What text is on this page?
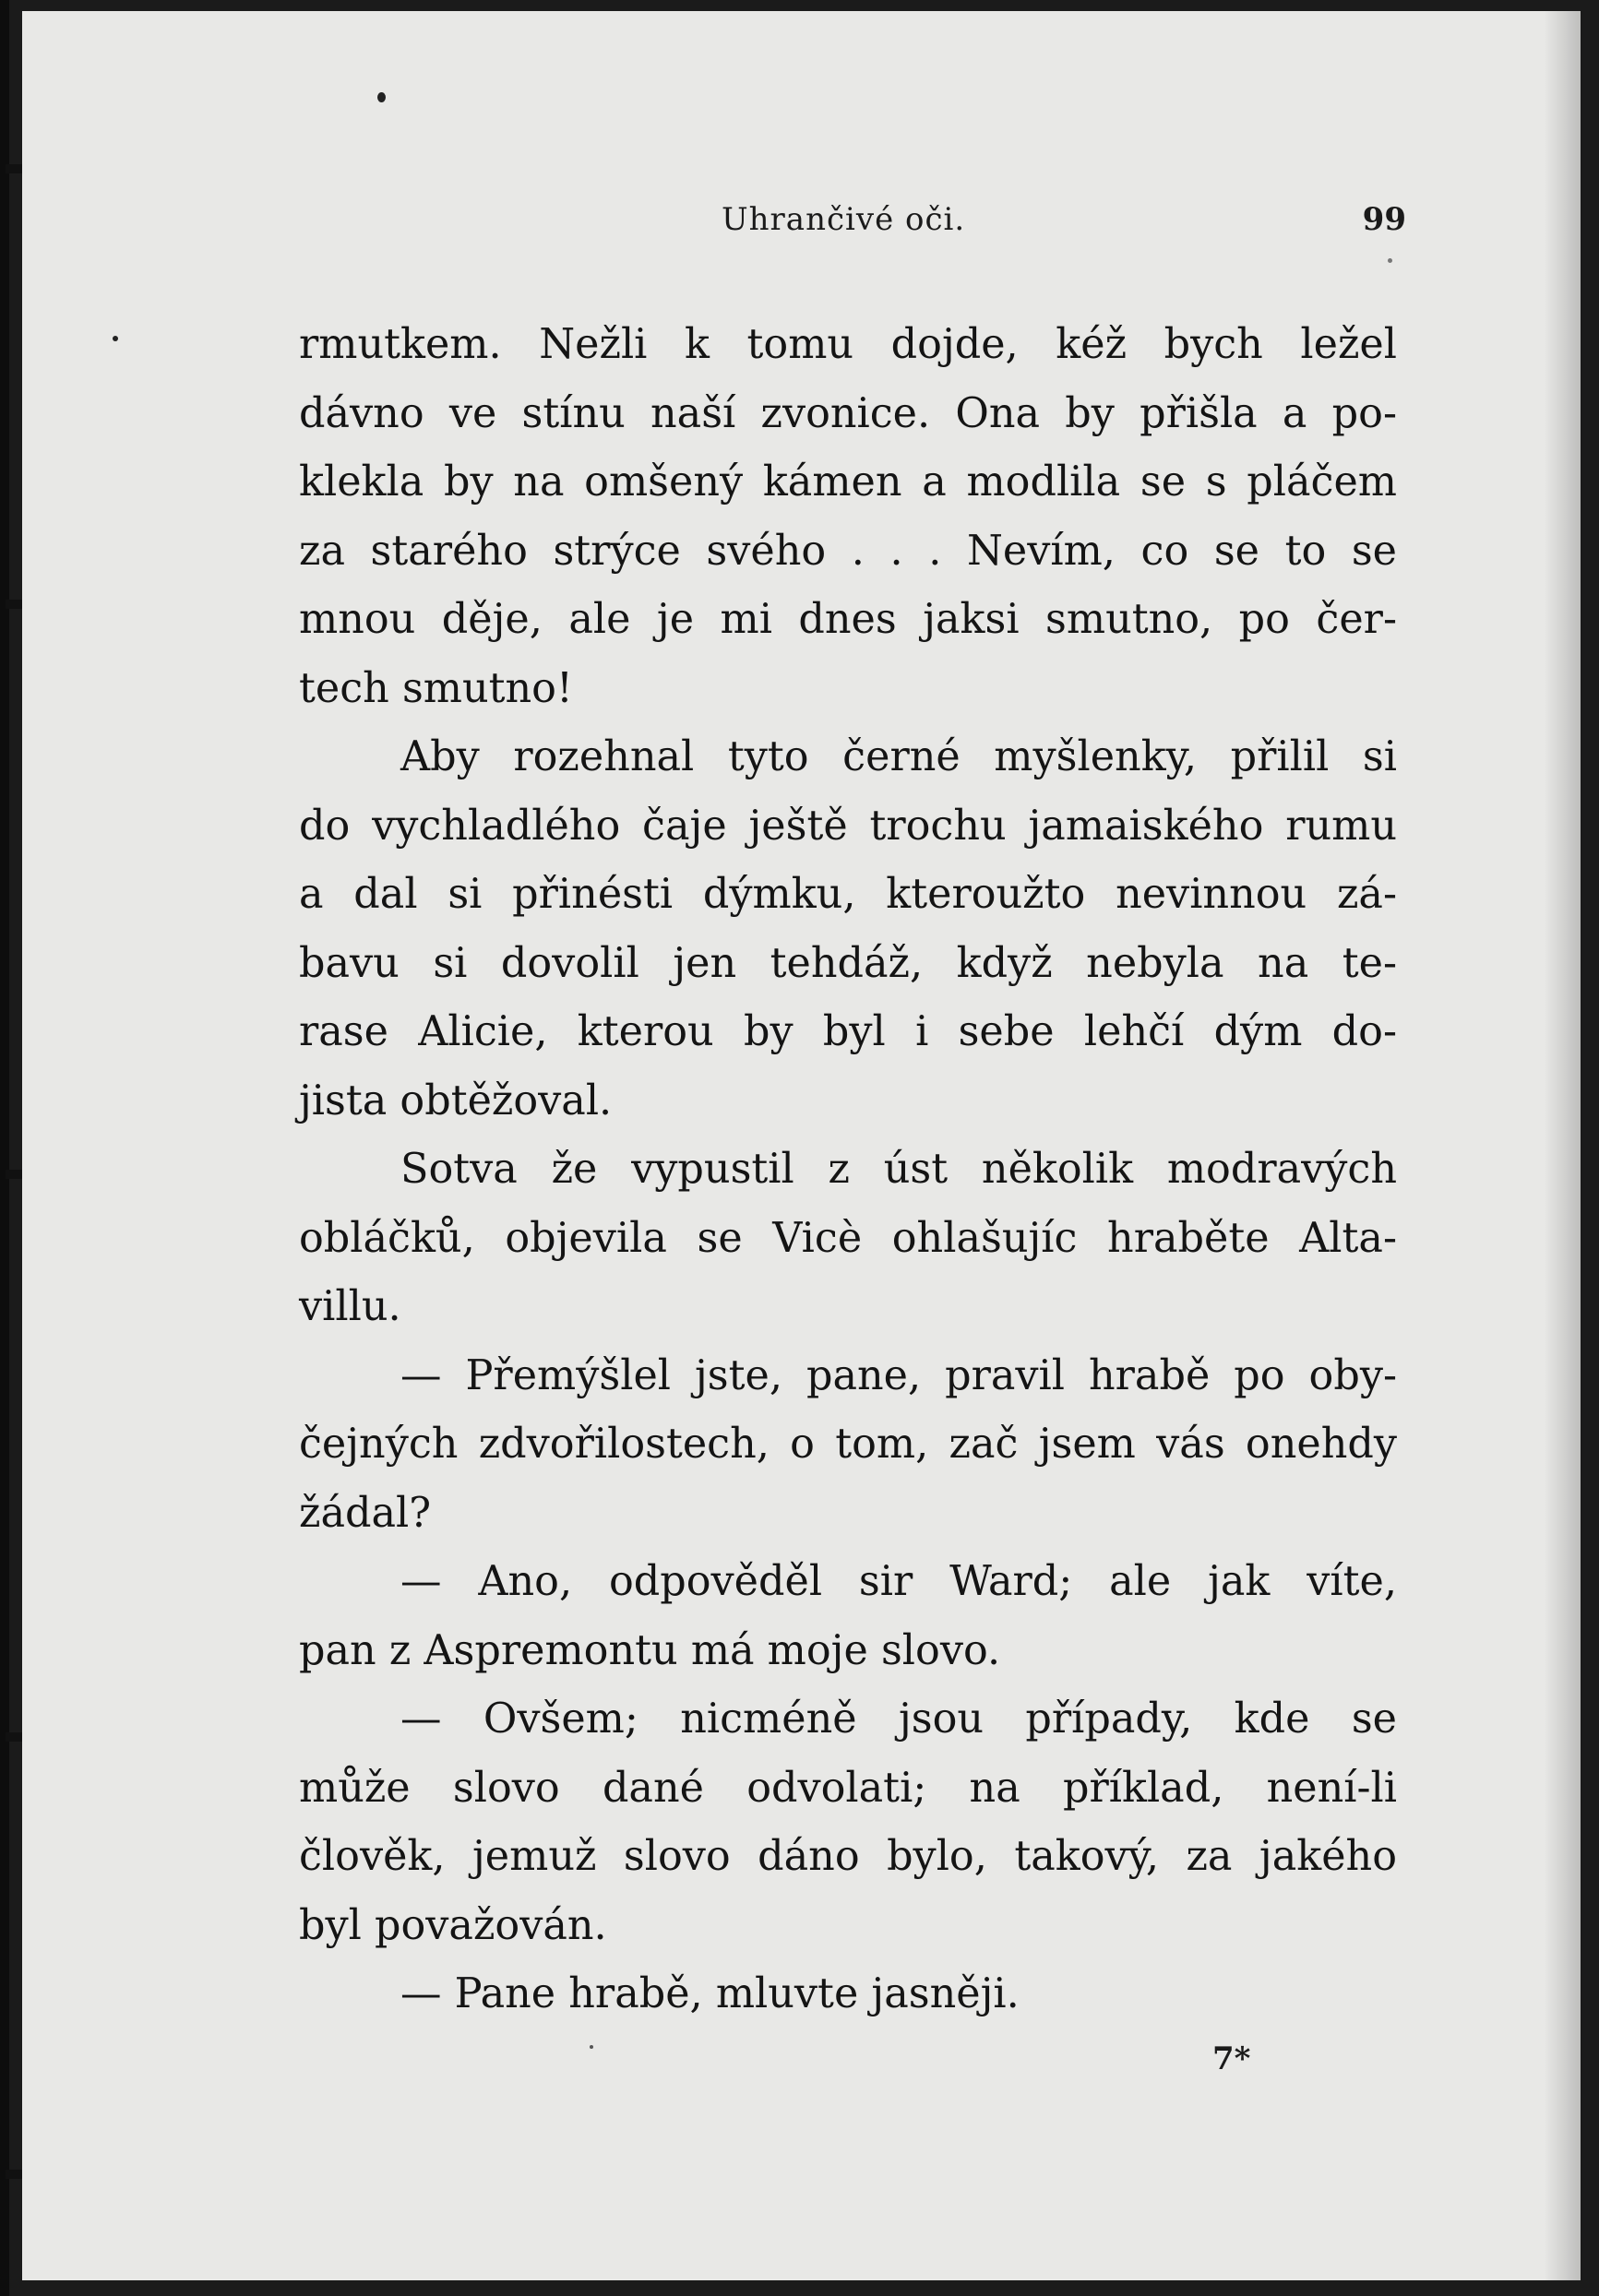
Uhrančivé oči.	99

rmutkem. Nežli k tomu dojde, kéž bych ležel
dávno ve stínu naší zvonice. Ona by přišla a po-
klekla by na omšený kámen a modlila se s pláčem
za starého strýce svého . . . Nevím, co se to se
mnou děje, ale je mi dnes jaksi smutno, po čer-
tech smutno!

Aby rozehnal tyto černé myšlenky, přilil si
do vychladlého čaje ještě trochu jamaiského rumu
a dal si přinésti dýmku, kteroužto nevinnou zá-
bavu si dovolil jen tehdáž, když nebyla na te-
rase Alicie, kterou by byl i sebe lehčí dým do-
jista obtěžoval.

Sotva že vypustil z úst několik modravých
obláčků, objevila se Vicè ohlašujíc hraběte Alta-
villu.

— Přemýšlel jste, pane, pravil hrabě po oby-
čejných zdvořilostech, o tom, zač jsem vás onehdy
žádal?

— Ano, odpověděl sir Ward; ale jak víte,
pan z Aspremontu má moje slovo.

— Ovšem; nicméně jsou případy, kde se
může slovo dané odvolati; na příklad, není-li
člověk, jemuž slovo dáno bylo, takový, za jakého
byl považován.

— Pane hrabě, mluvte jasněji.

7*
